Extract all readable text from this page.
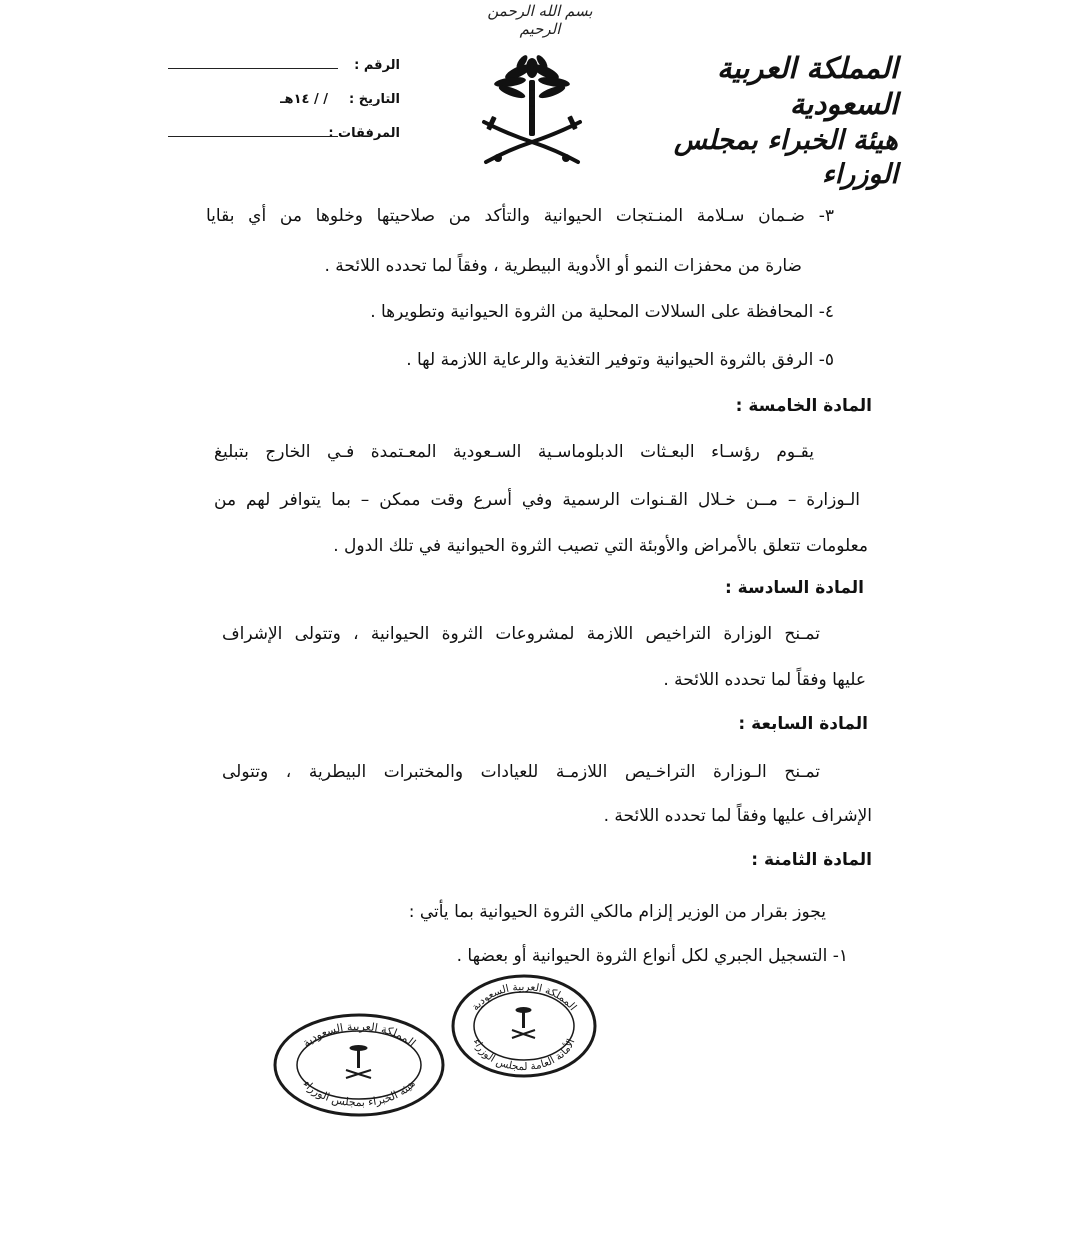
بسم الله الرحمن الرحيم
المملكة العربية السعودية
هيئة الخبراء بمجلس الوزراء
الرقم :
التاريخ :
/ / ١٤هـ
المرفقات :
٣- ضـمان سـلامة المنـتجات الحيوانية والتأكد من صلاحيتها وخلوها من أي بقايا
ضارة من محفزات النمو أو الأدوية البيطرية ، وفقاً لما تحدده اللائحة .
٤- المحافظة على السلالات المحلية من الثروة الحيوانية وتطويرها .
٥- الرفق بالثروة الحيوانية وتوفير التغذية والرعاية اللازمة لها .
المادة الخامسة :
يقـوم رؤسـاء البعـثات الدبلوماسـية السـعودية المعـتمدة فـي الخارج بتبليغ
الـوزارة – مــن خـلال القـنوات الرسمية وفي أسرع وقت ممكن – بما يتوافر لهم من
معلومات تتعلق بالأمراض والأوبئة التي تصيب الثروة الحيوانية في تلك الدول .
المادة السادسة :
تمـنح الوزارة التراخيص اللازمة لمشروعات الثروة الحيوانية ، وتتولى الإشراف
عليها وفقاً لما تحدده اللائحة .
المادة السابعة :
تمـنح الـوزارة التراخـيص اللازمـة للعيادات والمختبرات البيطرية ، وتتولى
الإشراف عليها وفقاً لما تحدده اللائحة .
المادة الثامنة :
يجوز بقرار من الوزير إلزام مالكي الثروة الحيوانية بما يأتي :
١- التسجيل الجبري لكل أنواع الثروة الحيوانية أو بعضها .
المملكة العربية السعودية
هيئة الخبراء بمجلس الوزراء
المملكة العربية السعودية
الأمانة العامة لمجلس الوزراء
